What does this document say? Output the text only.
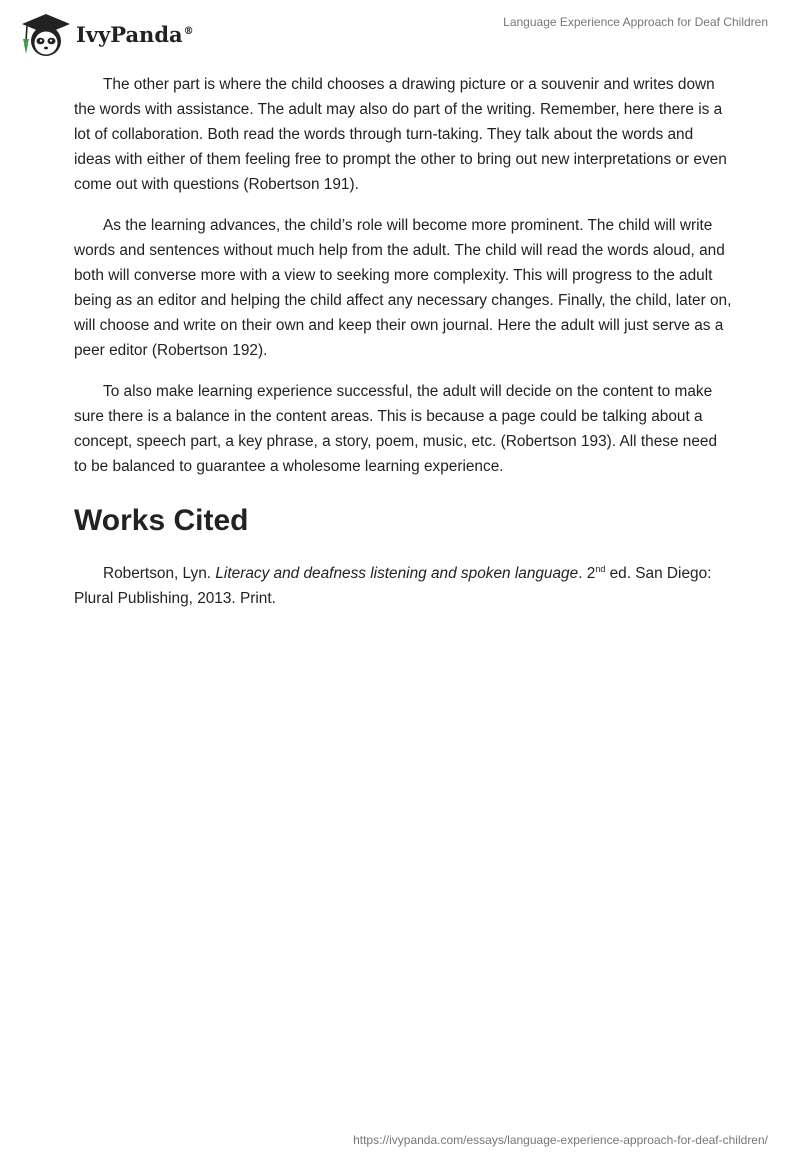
IvyPanda®
Language Experience Approach for Deaf Children

The other part is where the child chooses a drawing picture or a souvenir and writes down the words with assistance. The adult may also do part of the writing. Remember, here there is a lot of collaboration. Both read the words through turn-taking. They talk about the words and ideas with either of them feeling free to prompt the other to bring out new interpretations or even come out with questions (Robertson 191).

As the learning advances, the child’s role will become more prominent. The child will write words and sentences without much help from the adult. The child will read the words aloud, and both will converse more with a view to seeking more complexity. This will progress to the adult being as an editor and helping the child affect any necessary changes. Finally, the child, later on, will choose and write on their own and keep their own journal. Here the adult will just serve as a peer editor (Robertson 192).

To also make learning experience successful, the adult will decide on the content to make sure there is a balance in the content areas. This is because a page could be talking about a concept, speech part, a key phrase, a story, poem, music, etc. (Robertson 193). All these need to be balanced to guarantee a wholesome learning experience.

Works Cited

Robertson, Lyn. Literacy and deafness listening and spoken language. 2nd ed. San Diego: Plural Publishing, 2013. Print.

https://ivypanda.com/essays/language-experience-approach-for-deaf-children/
